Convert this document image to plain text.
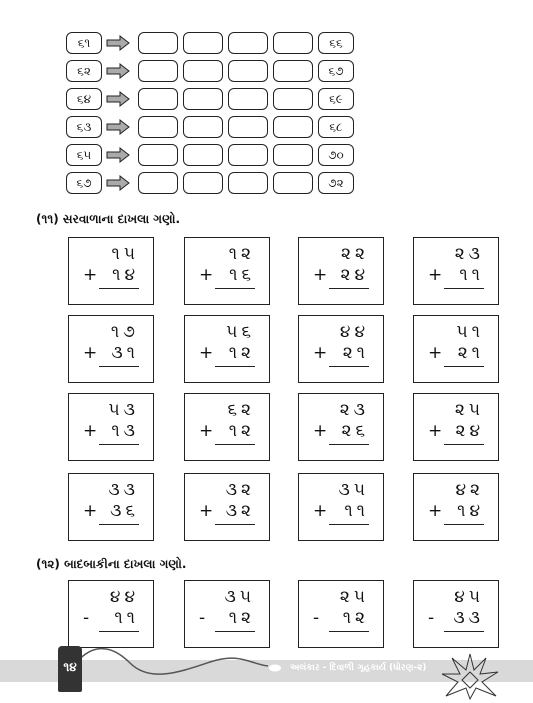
૬૧	૬૬
૬૨	૬૭
૬૪	૬૯
૬૩	૬૮
૬૫	૭૦
૬૭	૭૨
(૧૧) સરવાળાના દાખલા ગણો.
૧૫
+ ૧૪
૧૨
+ ૧૬
૨૨
+ ૨૪
૨૩
+ ૧૧
૧૭
+ ૩૧
૫૬
+ ૧૨
૪૪
+ ૨૧
૫૧
+ ૨૧
૫૩
+ ૧૩
૬૨
+ ૧૨
૨૩
+ ૨૬
૨૫
+ ૨૪
૩૩
+ ૩૬
૩૨
+ ૩૨
૩૫
+ ૧૧
૪૨
+ ૧૪
(૧૨) બાદબાકીના દાખલા ગણો.
૪૪
- ૧૧
૩૫
- ૧૨
૨૫
- ૧૨
૪૫
- ૩૩
૧૪	અલંકાર - દિવાળી ગૃહકાર્ય (ધોરણ-૨)
